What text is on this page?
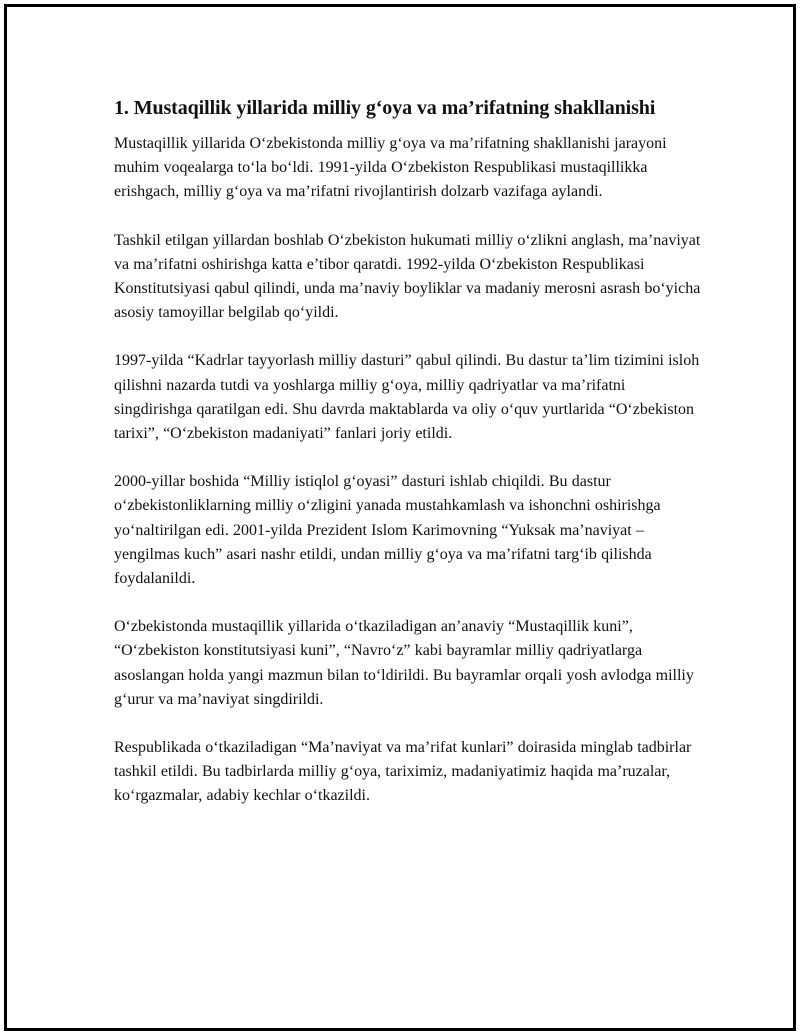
1. Mustaqillik yillarida milliy g‘oya va ma’rifatning shakllanishi

Mustaqillik yillarida O‘zbekistonda milliy g‘oya va ma’rifatning shakllanishi jarayoni muhim voqealarga to‘la bo‘ldi. 1991-yilda O‘zbekiston Respublikasi mustaqillikka erishgach, milliy g‘oya va ma’rifatni rivojlantirish dolzarb vazifaga aylandi.

Tashkil etilgan yillardan boshlab O‘zbekiston hukumati milliy o‘zlikni anglash, ma’naviyat va ma’rifatni oshirishga katta e’tibor qaratdi. 1992-yilda O‘zbekiston Respublikasi Konstitutsiyasi qabul qilindi, unda ma’naviy boyliklar va madaniy merosni asrash bo‘yicha asosiy tamoyillar belgilab qo‘yildi.

1997-yilda “Kadrlar tayyorlash milliy dasturi” qabul qilindi. Bu dastur ta’lim tizimini isloh qilishni nazarda tutdi va yoshlarga milliy g‘oya, milliy qadriyatlar va ma’rifatni singdirishga qaratilgan edi. Shu davrda maktablarda va oliy o‘quv yurtlarida “O‘zbekiston tarixi”, “O‘zbekiston madaniyati” fanlari joriy etildi.

2000-yillar boshida “Milliy istiqlol g‘oyasi” dasturi ishlab chiqildi. Bu dastur o‘zbekistonliklarning milliy o‘zligini yanada mustahkamlash va ishonchni oshirishga yo‘naltirilgan edi. 2001-yilda Prezident Islom Karimovning “Yuksak ma’naviyat – yengilmas kuch” asari nashr etildi, undan milliy g‘oya va ma’rifatni targ‘ib qilishda foydalanildi.

O‘zbekistonda mustaqillik yillarida o‘tkaziladigan an’anaviy “Mustaqillik kuni”, “O‘zbekiston konstitutsiyasi kuni”, “Navro‘z” kabi bayramlar milliy qadriyatlarga asoslangan holda yangi mazmun bilan to‘ldirildi. Bu bayramlar orqali yosh avlodga milliy g‘urur va ma’naviyat singdirildi.

Respublikada o‘tkaziladigan “Ma’naviyat va ma’rifat kunlari” doirasida minglab tadbirlar tashkil etildi. Bu tadbirlarda milliy g‘oya, tariximiz, madaniyatimiz haqida ma’ruzalar, ko‘rgazmalar, adabiy kechlar o‘tkazildi.
